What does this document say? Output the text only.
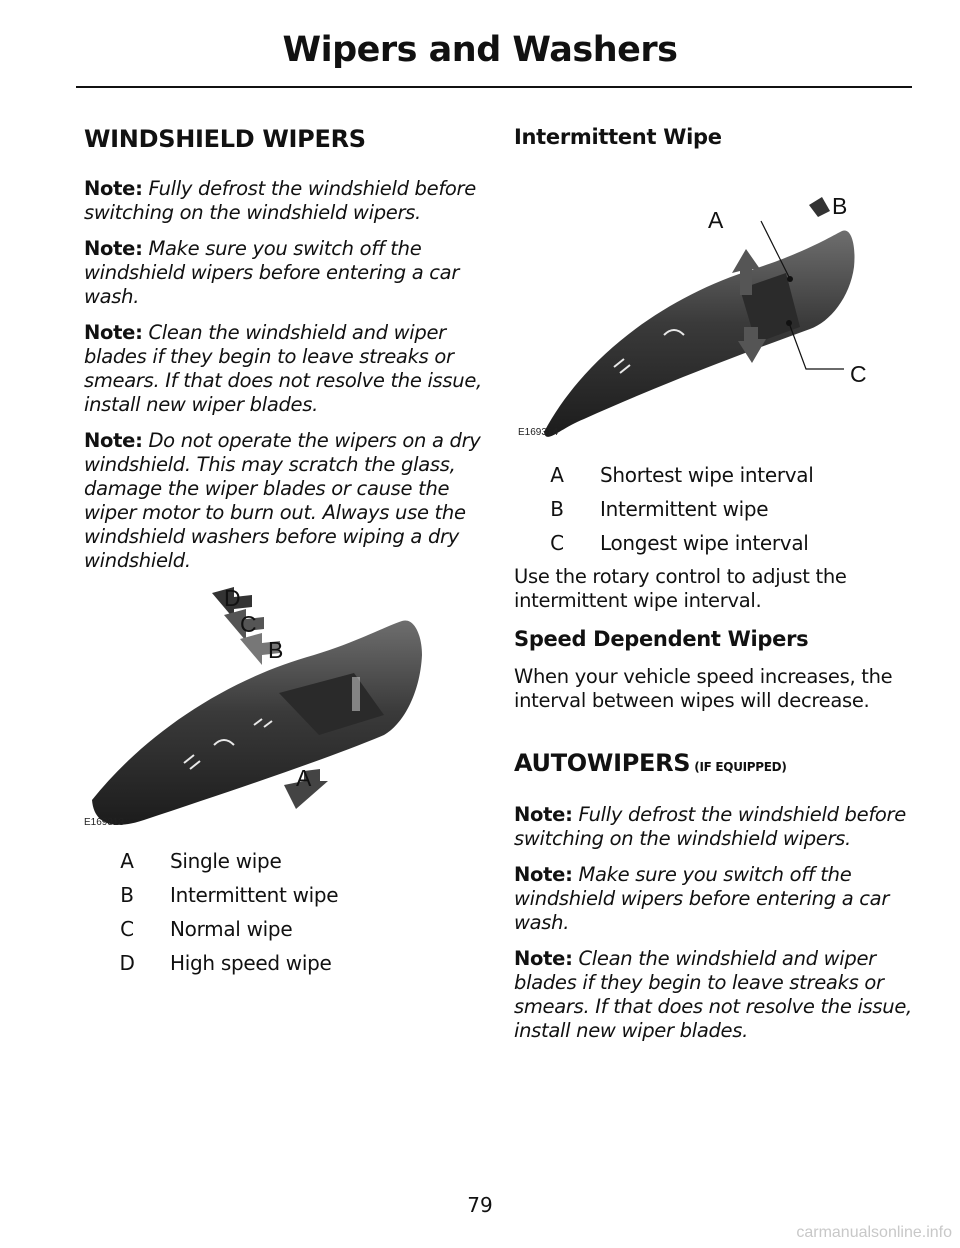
Wipers and Washers
WINDSHIELD WIPERS

Note: Fully defrost the windshield before switching on the windshield wipers.

Note: Make sure you switch off the windshield wipers before entering a car wash.

Note: Clean the windshield and wiper blades if they begin to leave streaks or smears. If that does not resolve the issue, install new wiper blades.

Note: Do not operate the wipers on a dry windshield. This may scratch the glass, damage the wiper blades or cause the wiper motor to burn out. Always use the windshield washers before wiping a dry windshield.

D
C
B
A
E169313
A	Single wipe
B	Intermittent wipe
C	Normal wipe
D	High speed wipe
Intermittent Wipe
A
B
C
E169314
A	Shortest wipe interval
B	Intermittent wipe
C	Longest wipe interval

Use the rotary control to adjust the intermittent wipe interval.

Speed Dependent Wipers

When your vehicle speed increases, the interval between wipes will decrease.

AUTOWIPERS (IF EQUIPPED)

Note: Fully defrost the windshield before switching on the windshield wipers.

Note: Make sure you switch off the windshield wipers before entering a car wash.

Note: Clean the windshield and wiper blades if they begin to leave streaks or smears. If that does not resolve the issue, install new wiper blades.

79
carmanualsonline.info
